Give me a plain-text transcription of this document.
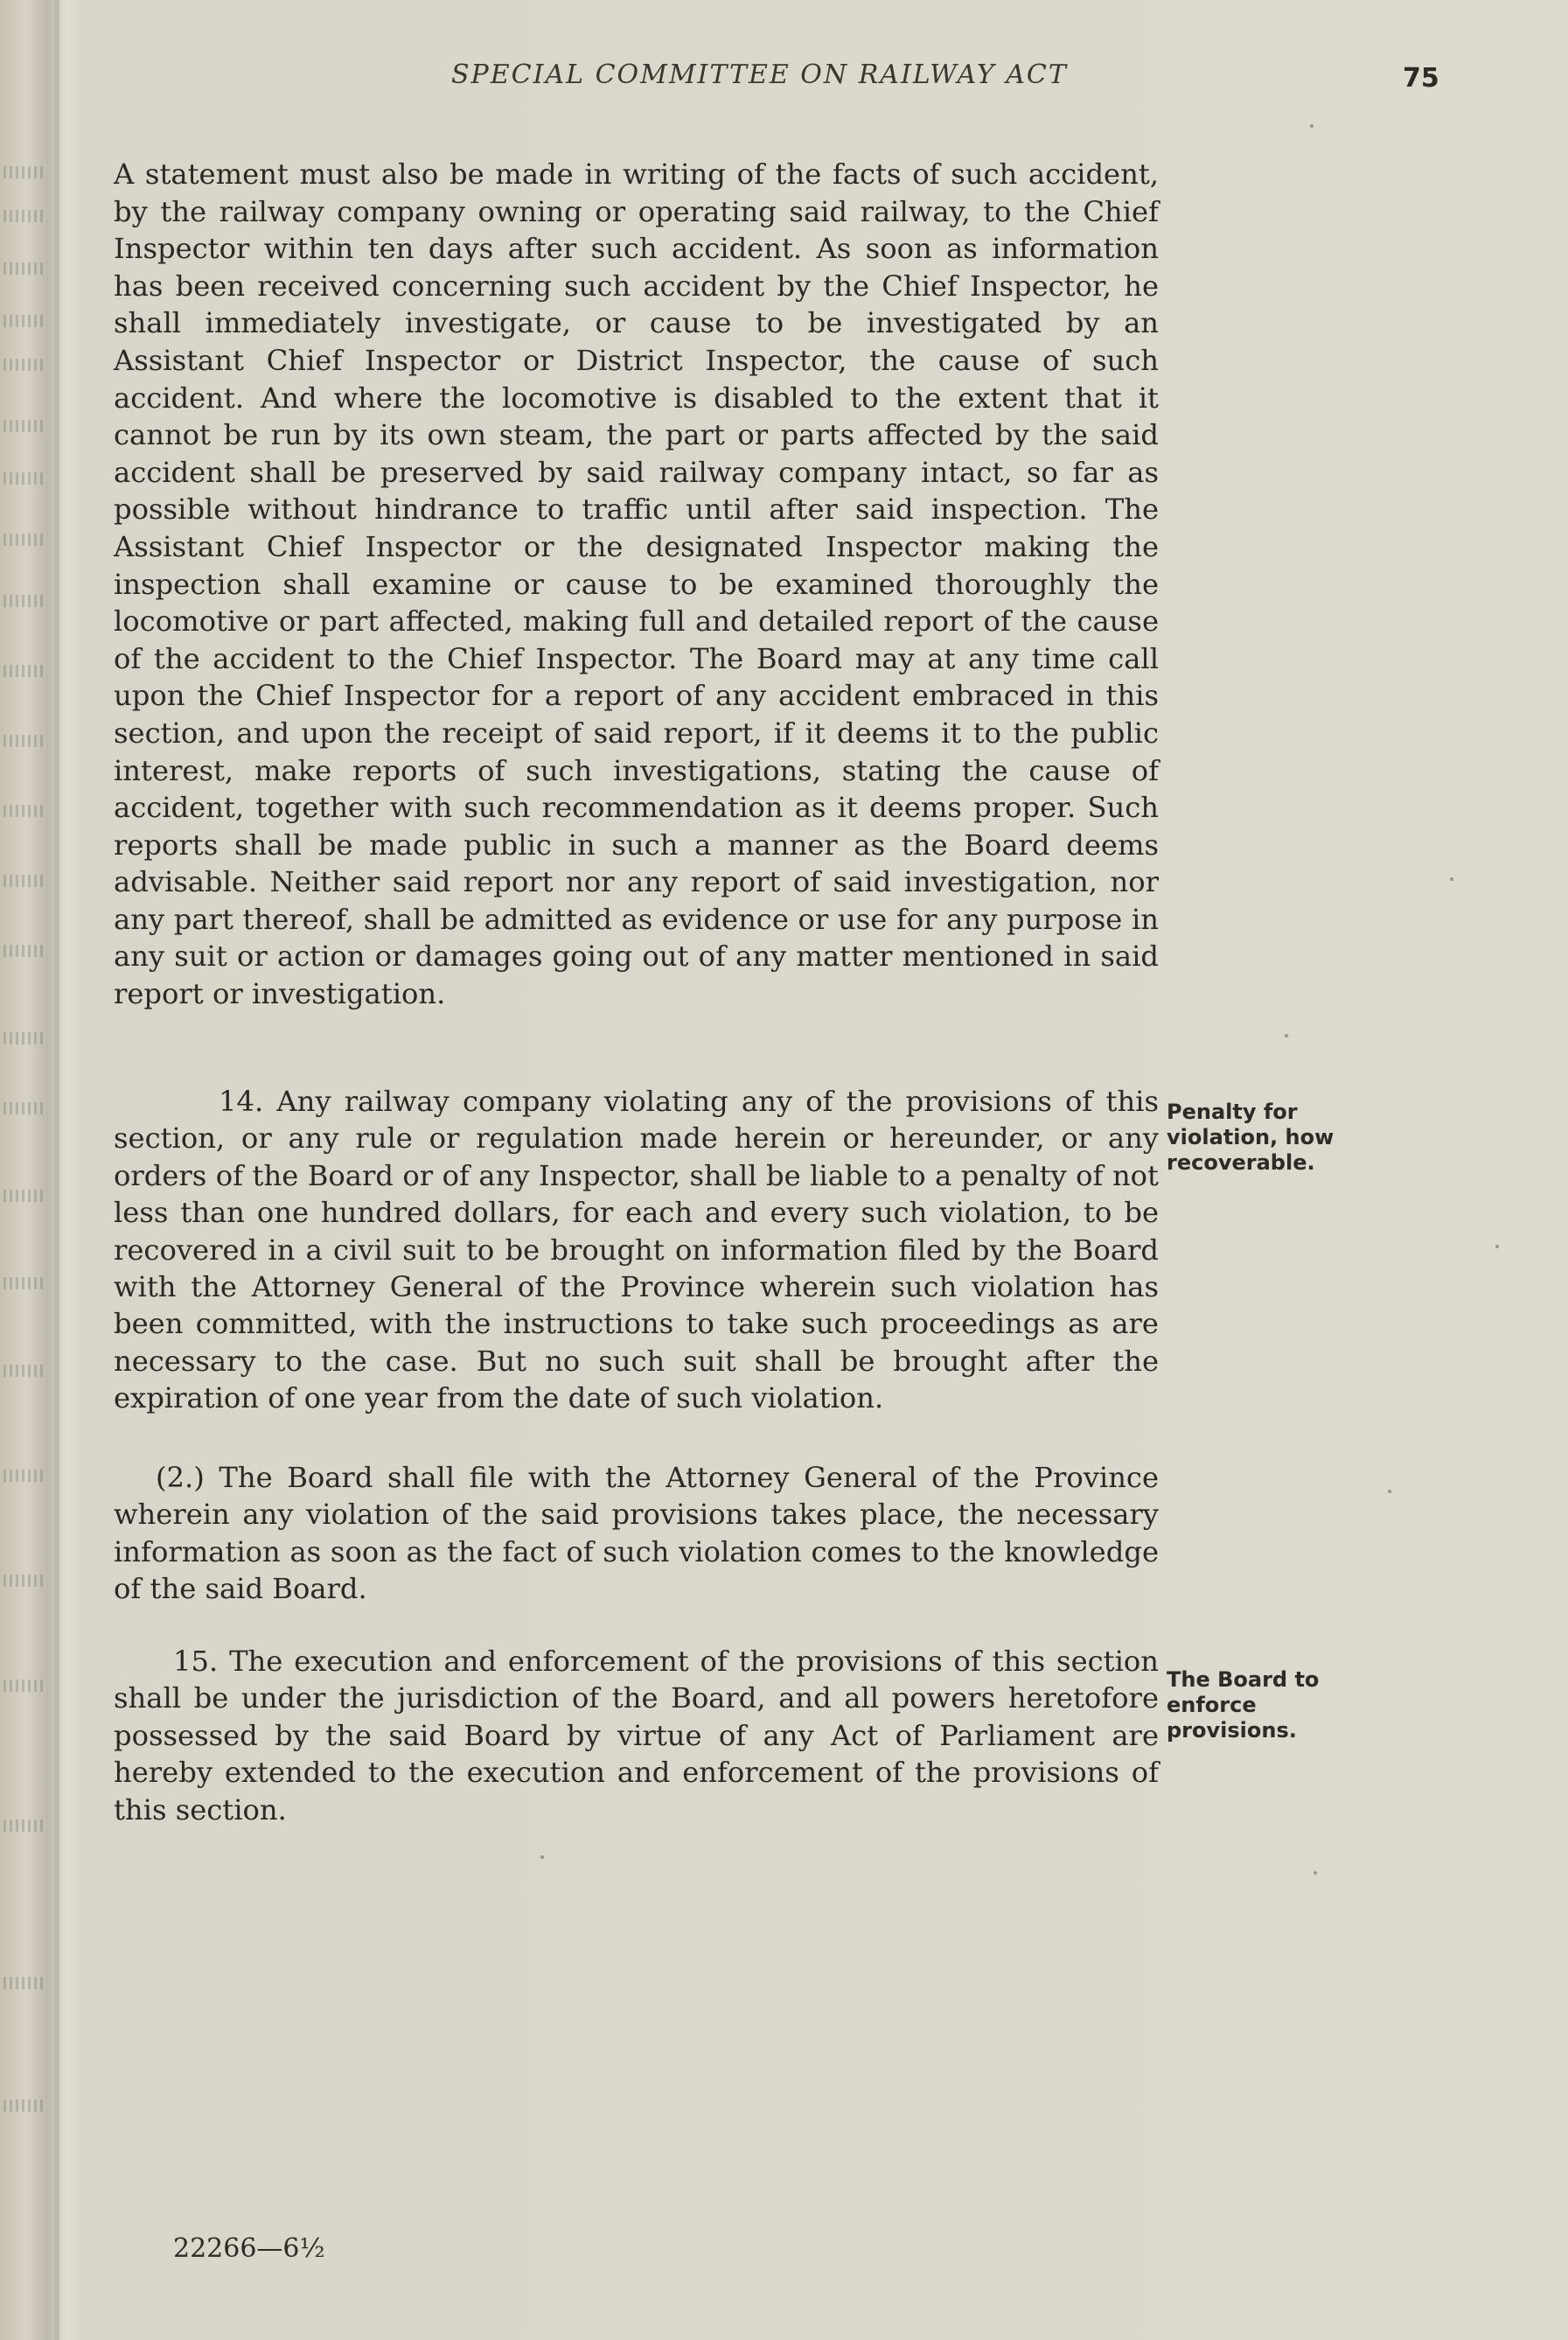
SPECIAL COMMITTEE ON RAILWAY ACT	75

A statement must also be made in writing of the facts of such accident, by the railway company owning or operating said railway, to the Chief Inspector within ten days after such accident. As soon as information has been received concerning such accident by the Chief Inspector, he shall immediately investigate, or cause to be investigated by an Assistant Chief Inspector or District Inspector, the cause of such accident. And where the locomotive is disabled to the extent that it cannot be run by its own steam, the part or parts affected by the said accident shall be preserved by said railway company intact, so far as possible without hindrance to traffic until after said inspection. The Assistant Chief Inspector or the designated Inspector making the inspection shall examine or cause to be examined thoroughly the locomotive or part affected, making full and detailed report of the cause of the accident to the Chief Inspector. The Board may at any time call upon the Chief Inspector for a report of any accident embraced in this section, and upon the receipt of said report, if it deems it to the public interest, make reports of such investigations, stating the cause of accident, together with such recommendation as it deems proper. Such reports shall be made public in such a manner as the Board deems advisable. Neither said report nor any report of said investigation, nor any part thereof, shall be admitted as evidence or use for any purpose in any suit or action or damages going out of any matter mentioned in said report or investigation.

14. Any railway company violating any of the provisions of this section, or any rule or regulation made herein or hereunder, or any orders of the Board or of any Inspector, shall be liable to a penalty of not less than one hundred dollars, for each and every such violation, to be recovered in a civil suit to be brought on information filed by the Board with the Attorney General of the Province wherein such violation has been committed, with the instructions to take such proceedings as are necessary to the case. But no such suit shall be brought after the expiration of one year from the date of such violation.

Penalty for violation, how recoverable.

(2.) The Board shall file with the Attorney General of the Province wherein any violation of the said provisions takes place, the necessary information as soon as the fact of such violation comes to the knowledge of the said Board.

15. The execution and enforcement of the provisions of this section shall be under the jurisdiction of the Board, and all powers heretofore possessed by the said Board by virtue of any Act of Parliament are hereby extended to the execution and enforcement of the provisions of this section.

The Board to enforce provisions.
22266—6½
